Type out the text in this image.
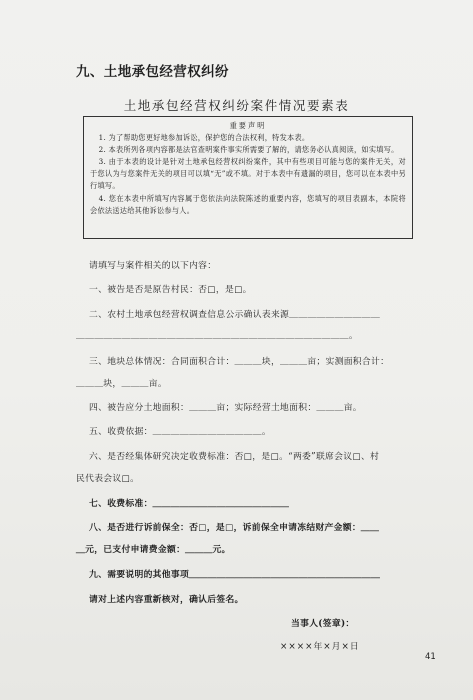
九、土地承包经营权纠纷
土地承包经营权纠纷案件情况要素表
重要声明

1. 为了帮助您更好地参加诉讼，保护您的合法权利，特发本表。

2. 本表所列各项内容都是法官查明案件事实所需要了解的，请您务必认真阅读，如实填写。

3. 由于本表的设计是针对土地承包经营权纠纷案件，其中有些项目可能与您的案件无关，对于您认为与您案件无关的项目可以填“无”或不填。对于本表中有遗漏的项目，您可以在本表中另行填写。

4. 您在本表中所填写内容属于您依法向法院陈述的重要内容，您填写的项目表副本，本院将会依法送达给其他诉讼参与人。

请填写与案件相关的以下内容：
一、被告是否是原告村民：否□，是□。
二、农村土地承包经营权调查信息公示确认表来源＿＿＿＿＿＿＿＿＿＿
＿＿＿＿＿＿＿＿＿＿＿＿＿＿＿＿＿＿＿＿＿＿＿＿＿＿＿＿＿＿。
三、地块总体情况：合同面积合计：＿＿＿块，＿＿＿亩；实测面积合计：
＿＿＿块，＿＿＿亩。
四、被告应分土地面积：＿＿＿亩；实际经营土地面积：＿＿＿亩。
五、收费依据：＿＿＿＿＿＿＿＿＿＿＿＿。
六、是否经集体研究决定收费标准：否□，是□。“两委”联席会议□、村
民代表会议□。
七、收费标准：＿＿＿＿＿＿＿＿＿＿＿＿＿＿＿
八、是否进行诉前保全：否□，是□，诉前保全申请冻结财产金额：＿＿
＿元，已支付申请费金额：＿＿＿元。
九、需要说明的其他事项＿＿＿＿＿＿＿＿＿＿＿＿＿＿＿＿＿＿＿＿＿
请对上述内容重新核对，确认后签名。
当事人(签章)：
××××年×月×日
41
